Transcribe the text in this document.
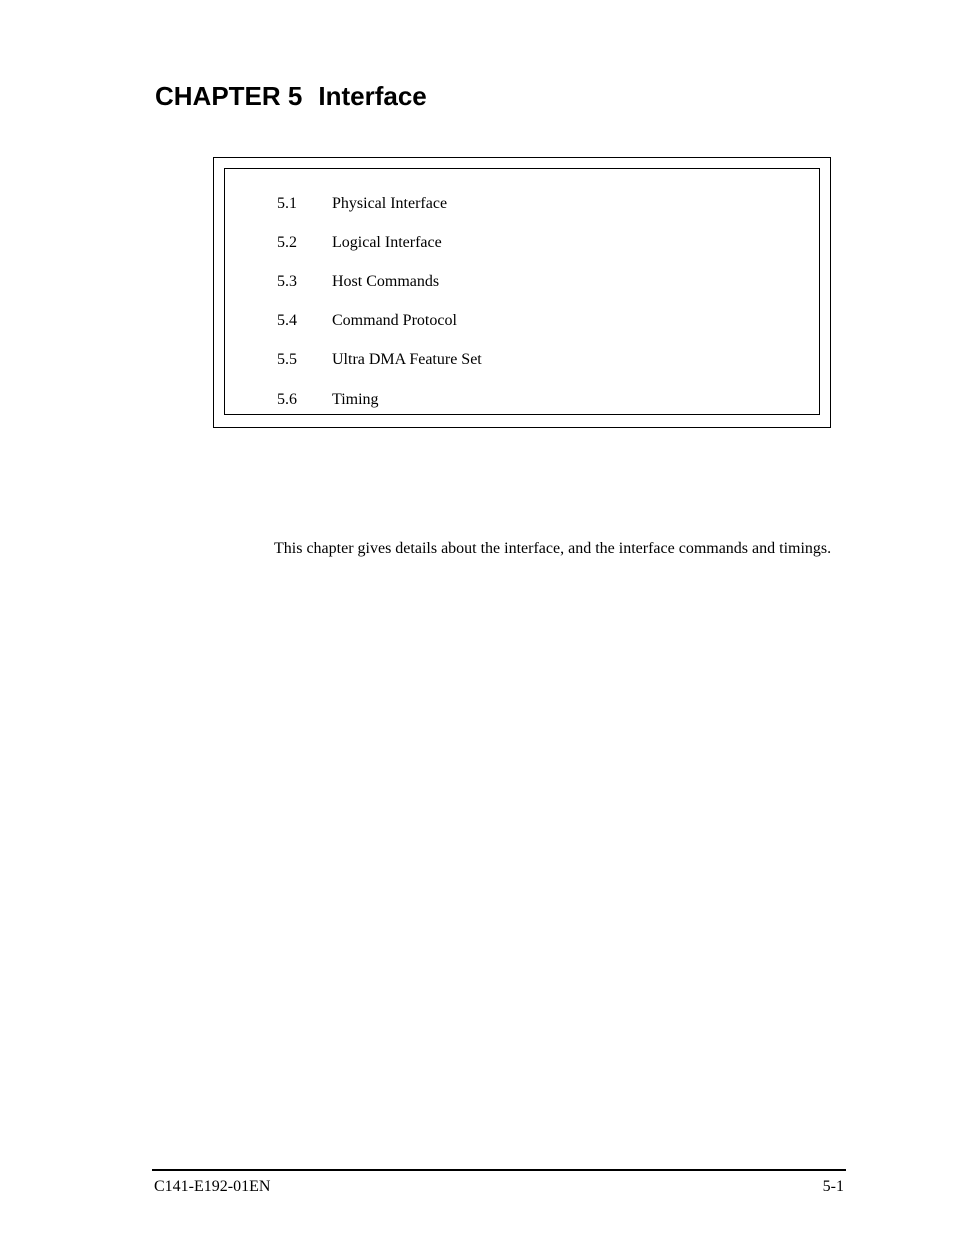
CHAPTER 5 Interface
5.1 Physical Interface
5.2 Logical Interface
5.3 Host Commands
5.4 Command Protocol
5.5 Ultra DMA Feature Set
5.6 Timing

This chapter gives details about the interface, and the interface commands and timings.

C141-E192-01EN	5-1
